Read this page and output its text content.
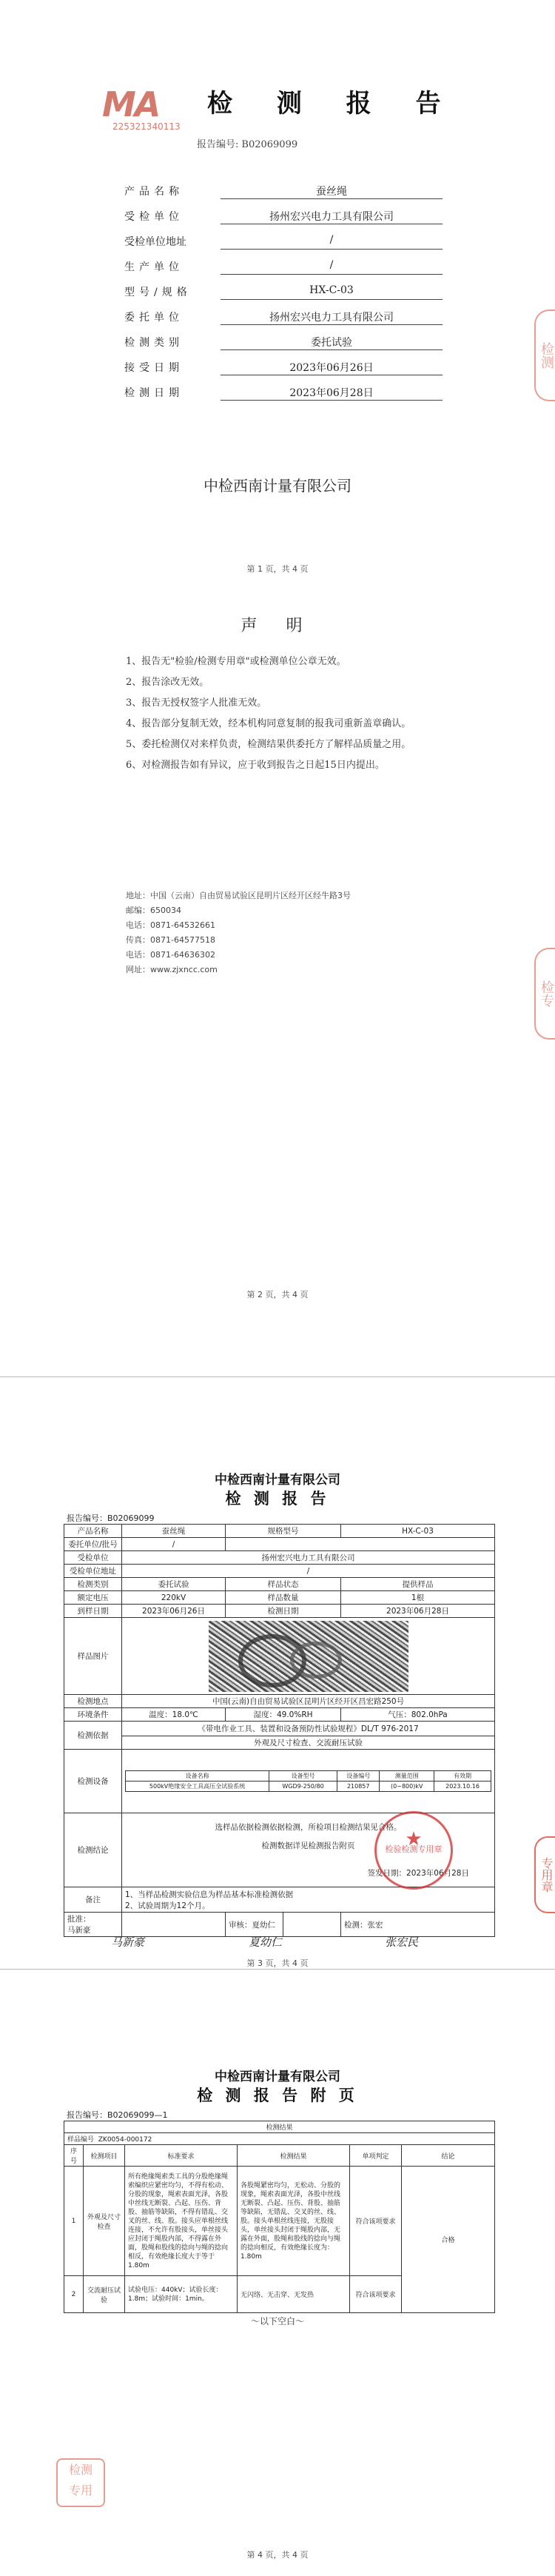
MA
225321340113
检 测 报 告
报告编号: B02069099
产品名称	蚕丝绳
受检单位	扬州宏兴电力工具有限公司
受检单位地址	/
生产单位	/
型号/规格	HX-C-03
委托单位	扬州宏兴电力工具有限公司
检测类别	委托试验
接受日期	2023年06月26日
检测日期	2023年06月28日
检测
中检西南计量有限公司
第 1 页，共 4 页
声 明
1、报告无"检验/检测专用章"或检测单位公章无效。
2、报告涂改无效。
3、报告无授权签字人批准无效。
4、报告部分复制无效，经本机构同意复制的报我司重新盖章确认。
5、委托检测仅对来样负责，检测结果供委托方了解样品质量之用。
6、对检测报告如有异议，应于收到报告之日起15日内提出。
地址：中国（云南）自由贸易试验区昆明片区经开区经牛路3号
邮编：650034
电话：0871-64532661
传真：0871-64577518
电话：0871-64636302
网址：www.zjxncc.com
检专
第 2 页，共 4 页
中检西南计量有限公司
检 测 报 告
报告编号：B02069099
产品名称	蚕丝绳	规格型号	HX-C-03
委托单位/批号	/	
受检单位	扬州宏兴电力工具有限公司
受检单位地址	/
检测类别	委托试验	样品状态	提供样品
额定电压	220kV	样品数量	1根
到样日期	2023年06月26日	检测日期	2023年06月28日
样品图片	

检测地点	中国(云南)自由贸易试验区昆明片区经开区昌宏路250号
环境条件	温度：18.0℃	湿度：49.0%RH	气压：802.0hPa
检测依据	《带电作业工具、装置和设备预防性试验规程》DL/T 976-2017
外观及尺寸检查、交流耐压试验
检测设备	
设备名称	设备型号	设备编号	测量范围	有效期
500kV绝缘安全工具高压全试验系统	WGD9-250/80	210857	(0~800)kV	2023.10.16

检测结论	
选样品依据检测依据检测，所检项目检测结果见合格。
检测数据详见检测报告附页
签发日期：2023年06月28日

备注	
1、当样品检测实验信息为样品基本标准检测依据
2、试验周期为12个月。

批准：
马新豪		审核：夏幼仁		检测：张宏
马新豪	夏幼仁	张宏民
★
检验检测专用章
专用章
第 3 页，共 4 页
中检西南计量有限公司
检 测 报 告 附 页
报告编号：B02069099—1
检测结果					
样品编号 ZK0054-000172					
序号	检测项目	标准要求	检测结果	单项判定	结论
1	外观及尺寸检查	所有绝缘绳索类工具的分股绝缘绳索编织应紧密均匀，不得有松动、分股的现象，绳索表面光泽，各股中丝线无断裂、凸起、压伤、背股、抽筋等缺陷，不得有错乱、交叉的丝、线、股。接头应单根丝线连接，不允许有股接头，单丝接头应封闭于绳股内部，不得露在外面，股绳和股线的捻向与绳的捻向相反，有效绝缘长度大于等于1.80m	各股绳紧密均匀，无松动、分股的现象，绳索表面光泽，各股中丝线无断裂、凸起、压伤、背股、抽筋等缺陷，无错乱、交叉的丝、线、股。接头单根丝线连接，无股接头，单丝接头封闭于绳股内部，无露在外面，股绳和股线的捻向与绳的捻向相反，有效绝缘长度为：1.80m	符合该项要求	合格
2	交流耐压试验	试验电压：440kV；试验长度：1.8m；试验时间：1min。	无闪络、无击穿、无发热	符合该项要求	
～以下空白～
检测
专用
第 4 页，共 4 页
